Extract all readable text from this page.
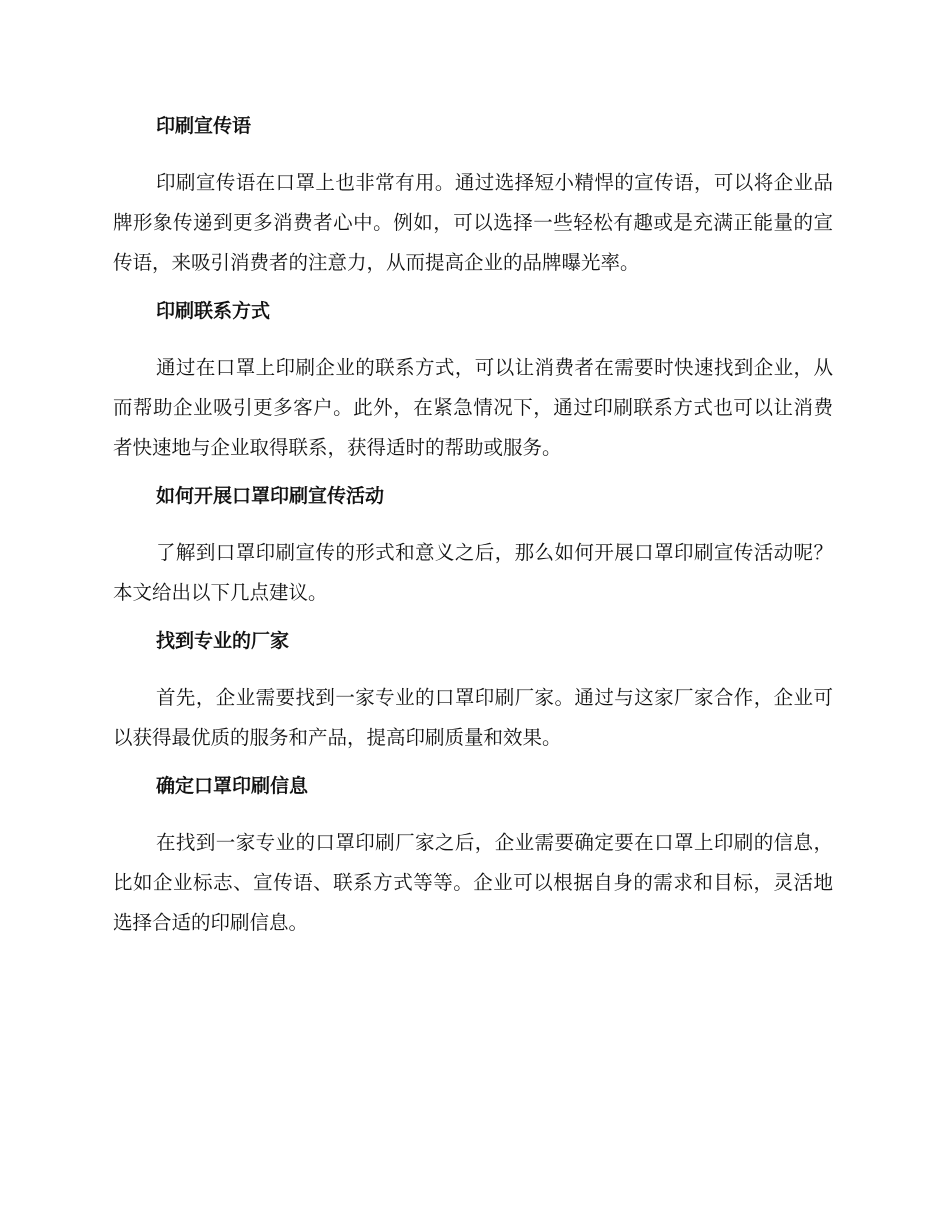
印刷宣传语

印刷宣传语在口罩上也非常有用。通过选择短小精悍的宣传语，可以将企业品牌形象传递到更多消费者心中。例如，可以选择一些轻松有趣或是充满正能量的宣传语，来吸引消费者的注意力，从而提高企业的品牌曝光率。

印刷联系方式

通过在口罩上印刷企业的联系方式，可以让消费者在需要时快速找到企业，从而帮助企业吸引更多客户。此外，在紧急情况下，通过印刷联系方式也可以让消费者快速地与企业取得联系，获得适时的帮助或服务。

如何开展口罩印刷宣传活动

了解到口罩印刷宣传的形式和意义之后，那么如何开展口罩印刷宣传活动呢？本文给出以下几点建议。

找到专业的厂家

首先，企业需要找到一家专业的口罩印刷厂家。通过与这家厂家合作，企业可以获得最优质的服务和产品，提高印刷质量和效果。

确定口罩印刷信息

在找到一家专业的口罩印刷厂家之后，企业需要确定要在口罩上印刷的信息，比如企业标志、宣传语、联系方式等等。企业可以根据自身的需求和目标，灵活地选择合适的印刷信息。
